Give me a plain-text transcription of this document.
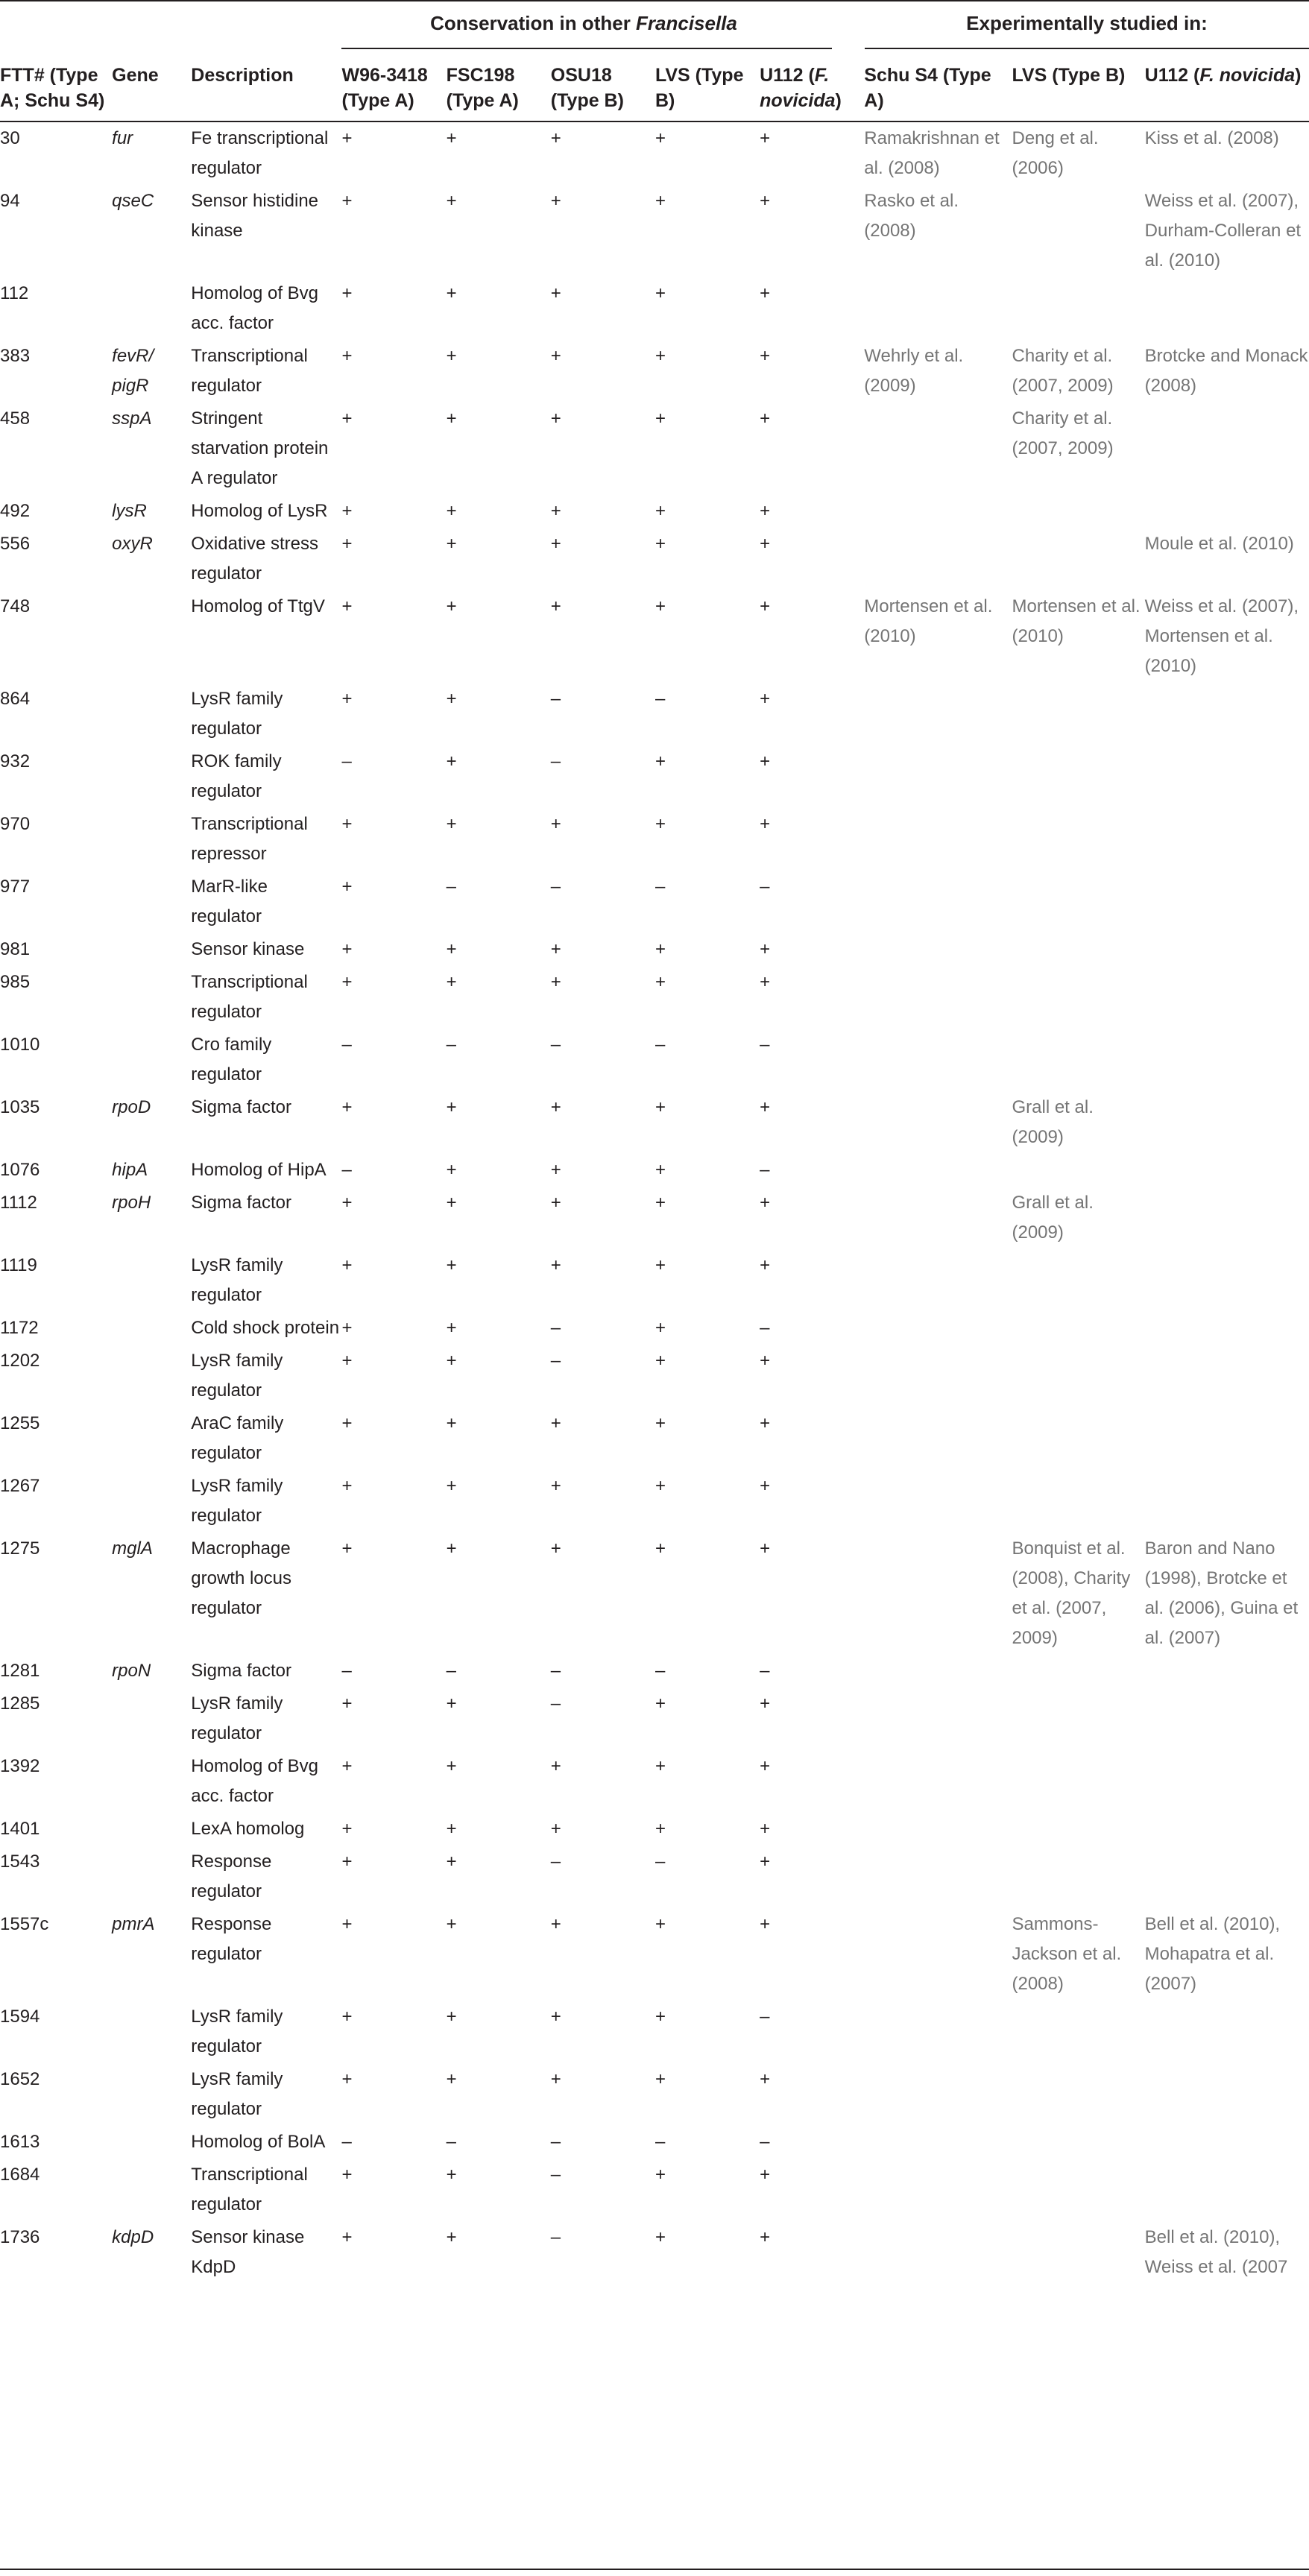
Conservation in other Francisella	Experimentally studied in:
FTT# (Type A; Schu S4)	Gene	Description	W96-3418 (Type A)	FSC198 (Type A)	OSU18 (Type B)	LVS (Type B)	U112 (F. novicida)	Schu S4 (Type A)	LVS (Type B)	U112 (F. novicida)
30	fur	Fe transcriptional regulator	+	+	+	+	+	Ramakrishnan et al. (2008)	Deng et al. (2006)	Kiss et al. (2008)
94	qseC	Sensor histidine kinase	+	+	+	+	+	Rasko et al. (2008)		Weiss et al. (2007), Durham-Colleran et al. (2010)
112		Homolog of Bvg acc. factor	+	+	+	+	+			
383	fevR/ pigR	Transcriptional regulator	+	+	+	+	+	Wehrly et al. (2009)	Charity et al. (2007, 2009)	Brotcke and Monack (2008)
458	sspA	Stringent starvation protein A regulator	+	+	+	+	+		Charity et al. (2007, 2009)	
492	lysR	Homolog of LysR	+	+	+	+	+			
556	oxyR	Oxidative stress regulator	+	+	+	+	+			Moule et al. (2010)
748		Homolog of TtgV	+	+	+	+	+	Mortensen et al. (2010)	Mortensen et al. (2010)	Weiss et al. (2007), Mortensen et al. (2010)
864		LysR family regulator	+	+	–	–	+			
932		ROK family regulator	–	+	–	+	+			
970		Transcriptional repressor	+	+	+	+	+			
977		MarR-like regulator	+	–	–	–	–			
981		Sensor kinase	+	+	+	+	+			
985		Transcriptional regulator	+	+	+	+	+			
1010		Cro family regulator	–	–	–	–	–			
1035	rpoD	Sigma factor	+	+	+	+	+		Grall et al. (2009)	
1076	hipA	Homolog of HipA	–	+	+	+	–			
1112	rpoH	Sigma factor	+	+	+	+	+		Grall et al. (2009)	
1119		LysR family regulator	+	+	+	+	+			
1172		Cold shock protein	+	+	–	+	–			
1202		LysR family regulator	+	+	–	+	+			
1255		AraC family regulator	+	+	+	+	+			
1267		LysR family regulator	+	+	+	+	+			
1275	mglA	Macrophage growth locus regulator	+	+	+	+	+		Bonquist et al. (2008), Charity et al. (2007, 2009)	Baron and Nano (1998), Brotcke et al. (2006), Guina et al. (2007)
1281	rpoN	Sigma factor	–	–	–	–	–			
1285		LysR family regulator	+	+	–	+	+			
1392		Homolog of Bvg acc. factor	+	+	+	+	+			
1401		LexA homolog	+	+	+	+	+			
1543		Response regulator	+	+	–	–	+			
1557c	pmrA	Response regulator	+	+	+	+	+		Sammons-Jackson et al. (2008)	Bell et al. (2010), Mohapatra et al. (2007)
1594		LysR family regulator	+	+	+	+	–			
1652		LysR family regulator	+	+	+	+	+			
1613		Homolog of BolA	–	–	–	–	–			
1684		Transcriptional regulator	+	+	–	+	+			
1736	kdpD	Sensor kinase KdpD	+	+	–	+	+			Bell et al. (2010), Weiss et al. (2007
